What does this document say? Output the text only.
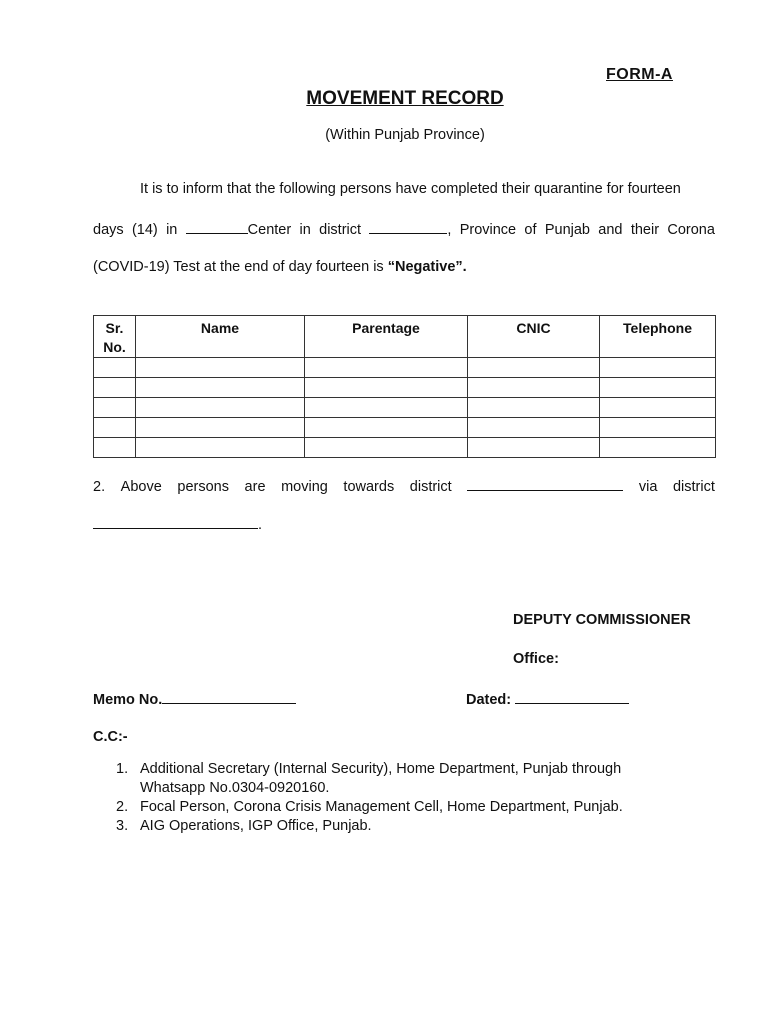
FORM-A
MOVEMENT RECORD
(Within Punjab Province)
It is to inform that the following persons have completed their quarantine for fourteen
days (14) in	Center in district	, Province of Punjab and their Corona
(COVID-19) Test at the end of day fourteen is “Negative”.
Sr.
No.	Name	Parentage	CNIC	Telephone

2. Above persons are moving towards district	via district
.
DEPUTY COMMISSIONER
Office:
Memo No.	Dated:
C.C:-
1. Additional Secretary (Internal Security), Home Department, Punjab through
Whatsapp No.0304-0920160.
2. Focal Person, Corona Crisis Management Cell, Home Department, Punjab.
3. AIG Operations, IGP Office, Punjab.
